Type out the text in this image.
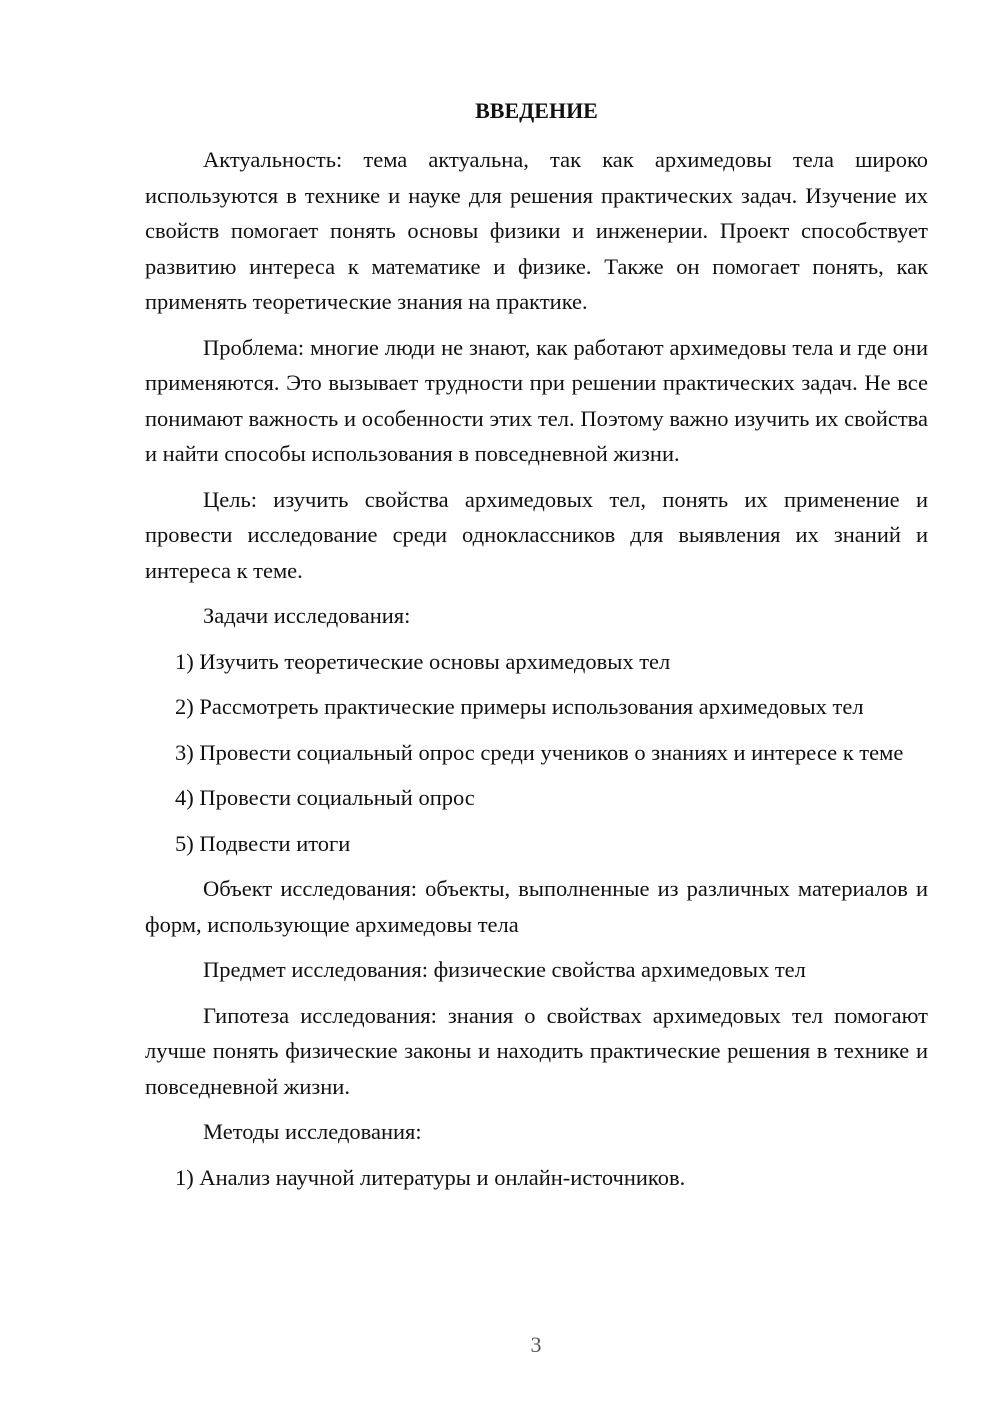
ВВЕДЕНИЕ

Актуальность: тема актуальна, так как архимедовы тела широко используются в технике и науке для решения практических задач. Изучение их свойств помогает понять основы физики и инженерии. Проект способствует развитию интереса к математике и физике. Также он помогает понять, как применять теоретические знания на практике.

Проблема: многие люди не знают, как работают архимедовы тела и где они применяются. Это вызывает трудности при решении практических задач. Не все понимают важность и особенности этих тел. Поэтому важно изучить их свойства и найти способы использования в повседневной жизни.

Цель: изучить свойства архимедовых тел, понять их применение и провести исследование среди одноклассников для выявления их знаний и интереса к теме.

Задачи исследования:

1) Изучить теоретические основы архимедовых тел

2) Рассмотреть практические примеры использования архимедовых тел

3) Провести социальный опрос среди учеников о знаниях и интересе к теме

4) Провести социальный опрос

5) Подвести итоги

Объект исследования: объекты, выполненные из различных материалов и форм, использующие архимедовы тела

Предмет исследования: физические свойства архимедовых тел

Гипотеза исследования: знания о свойствах архимедовых тел помогают лучше понять физические законы и находить практические решения в технике и повседневной жизни.

Методы исследования:

1) Анализ научной литературы и онлайн-источников.

3
